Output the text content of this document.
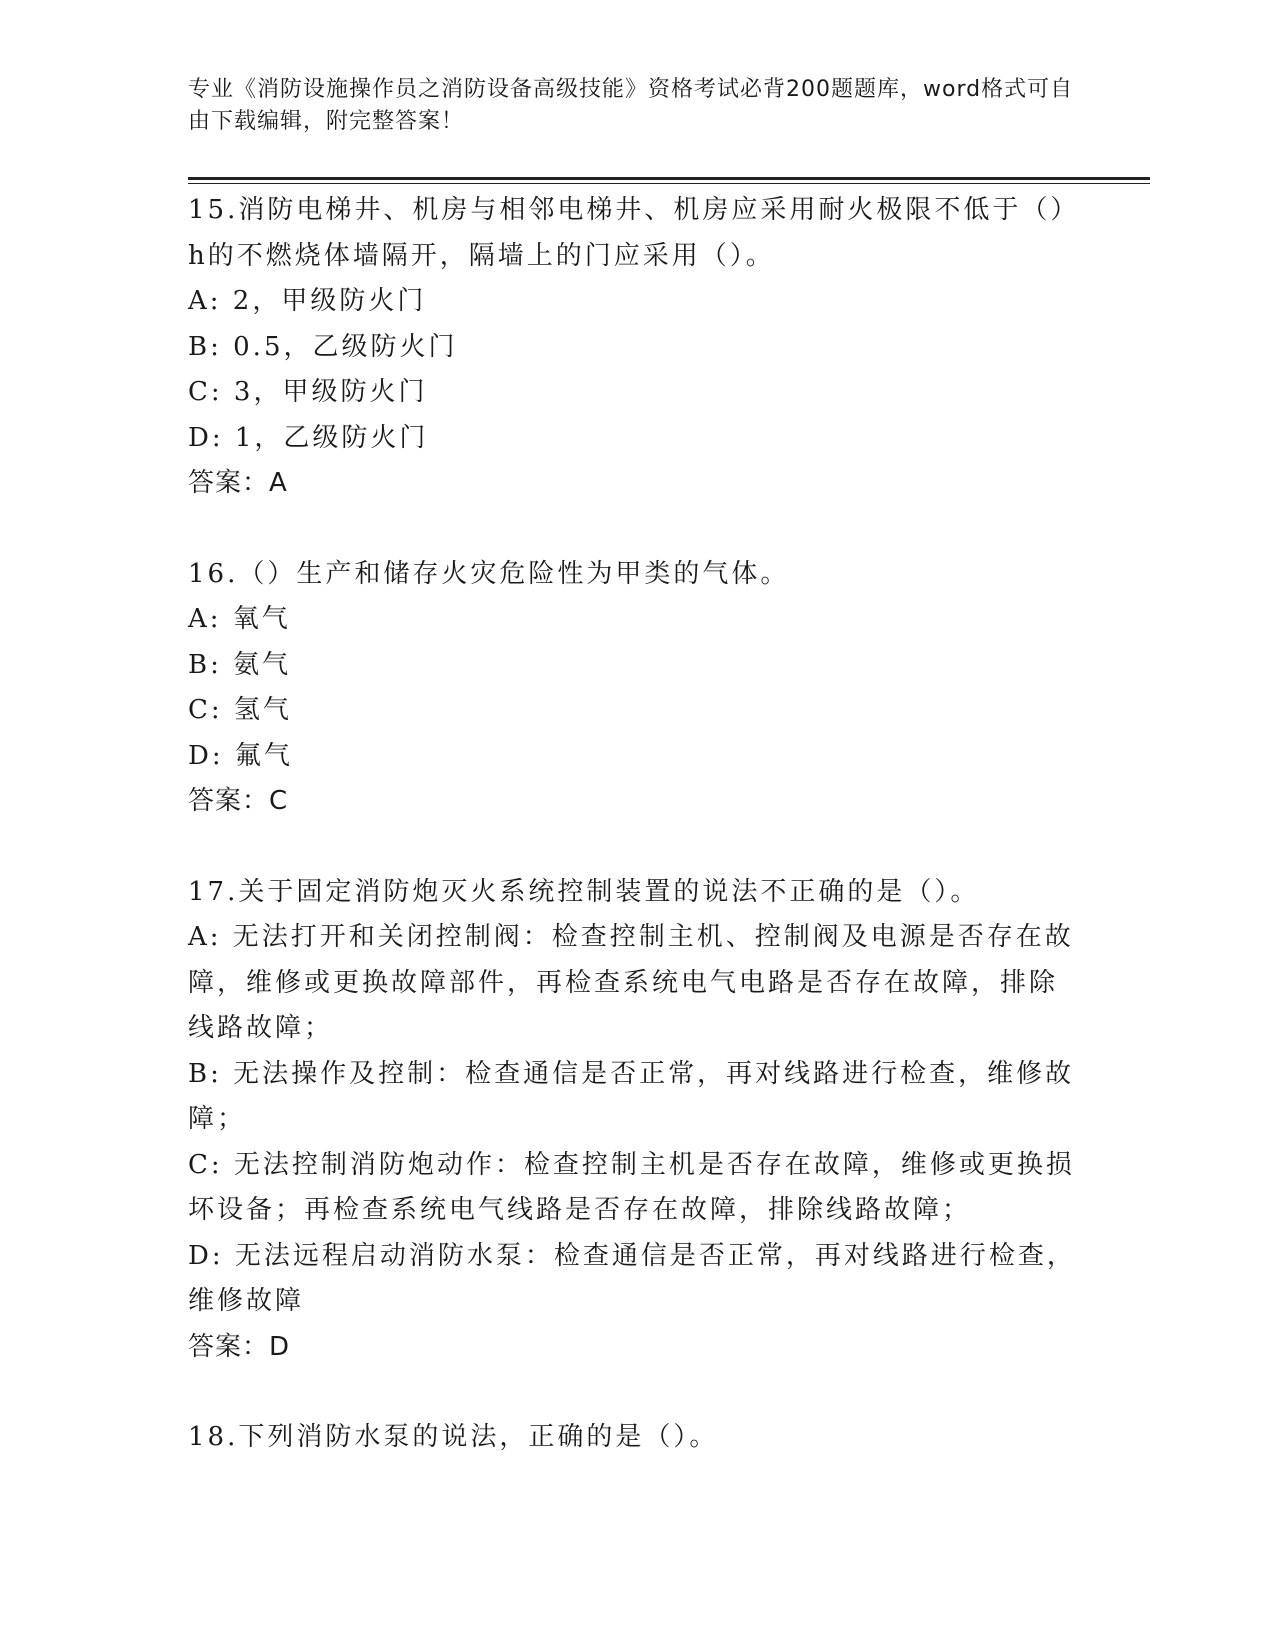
专业《消防设施操作员之消防设备高级技能》资格考试必背200题题库，word格式可自由下载编辑，附完整答案！

15.消防电梯井、机房与相邻电梯井、机房应采用耐火极限不低于（）h的不燃烧体墙隔开，隔墙上的门应采用（）。

A: 2，甲级防火门

B: 0.5，乙级防火门

C: 3，甲级防火门

D: 1，乙级防火门

答案：A

16.（）生产和储存火灾危险性为甲类的气体。

A: 氧气

B: 氨气

C: 氢气

D: 氟气

答案：C

17.关于固定消防炮灭火系统控制装置的说法不正确的是（）。

A: 无法打开和关闭控制阀：检查控制主机、控制阀及电源是否存在故障，维修或更换故障部件，再检查系统电气电路是否存在故障，排除线路故障；

B: 无法操作及控制：检查通信是否正常，再对线路进行检查，维修故障；

C: 无法控制消防炮动作：检查控制主机是否存在故障，维修或更换损坏设备；再检查系统电气线路是否存在故障，排除线路故障；

D: 无法远程启动消防水泵：检查通信是否正常，再对线路进行检查，维修故障

答案：D

18.下列消防水泵的说法，正确的是（）。
